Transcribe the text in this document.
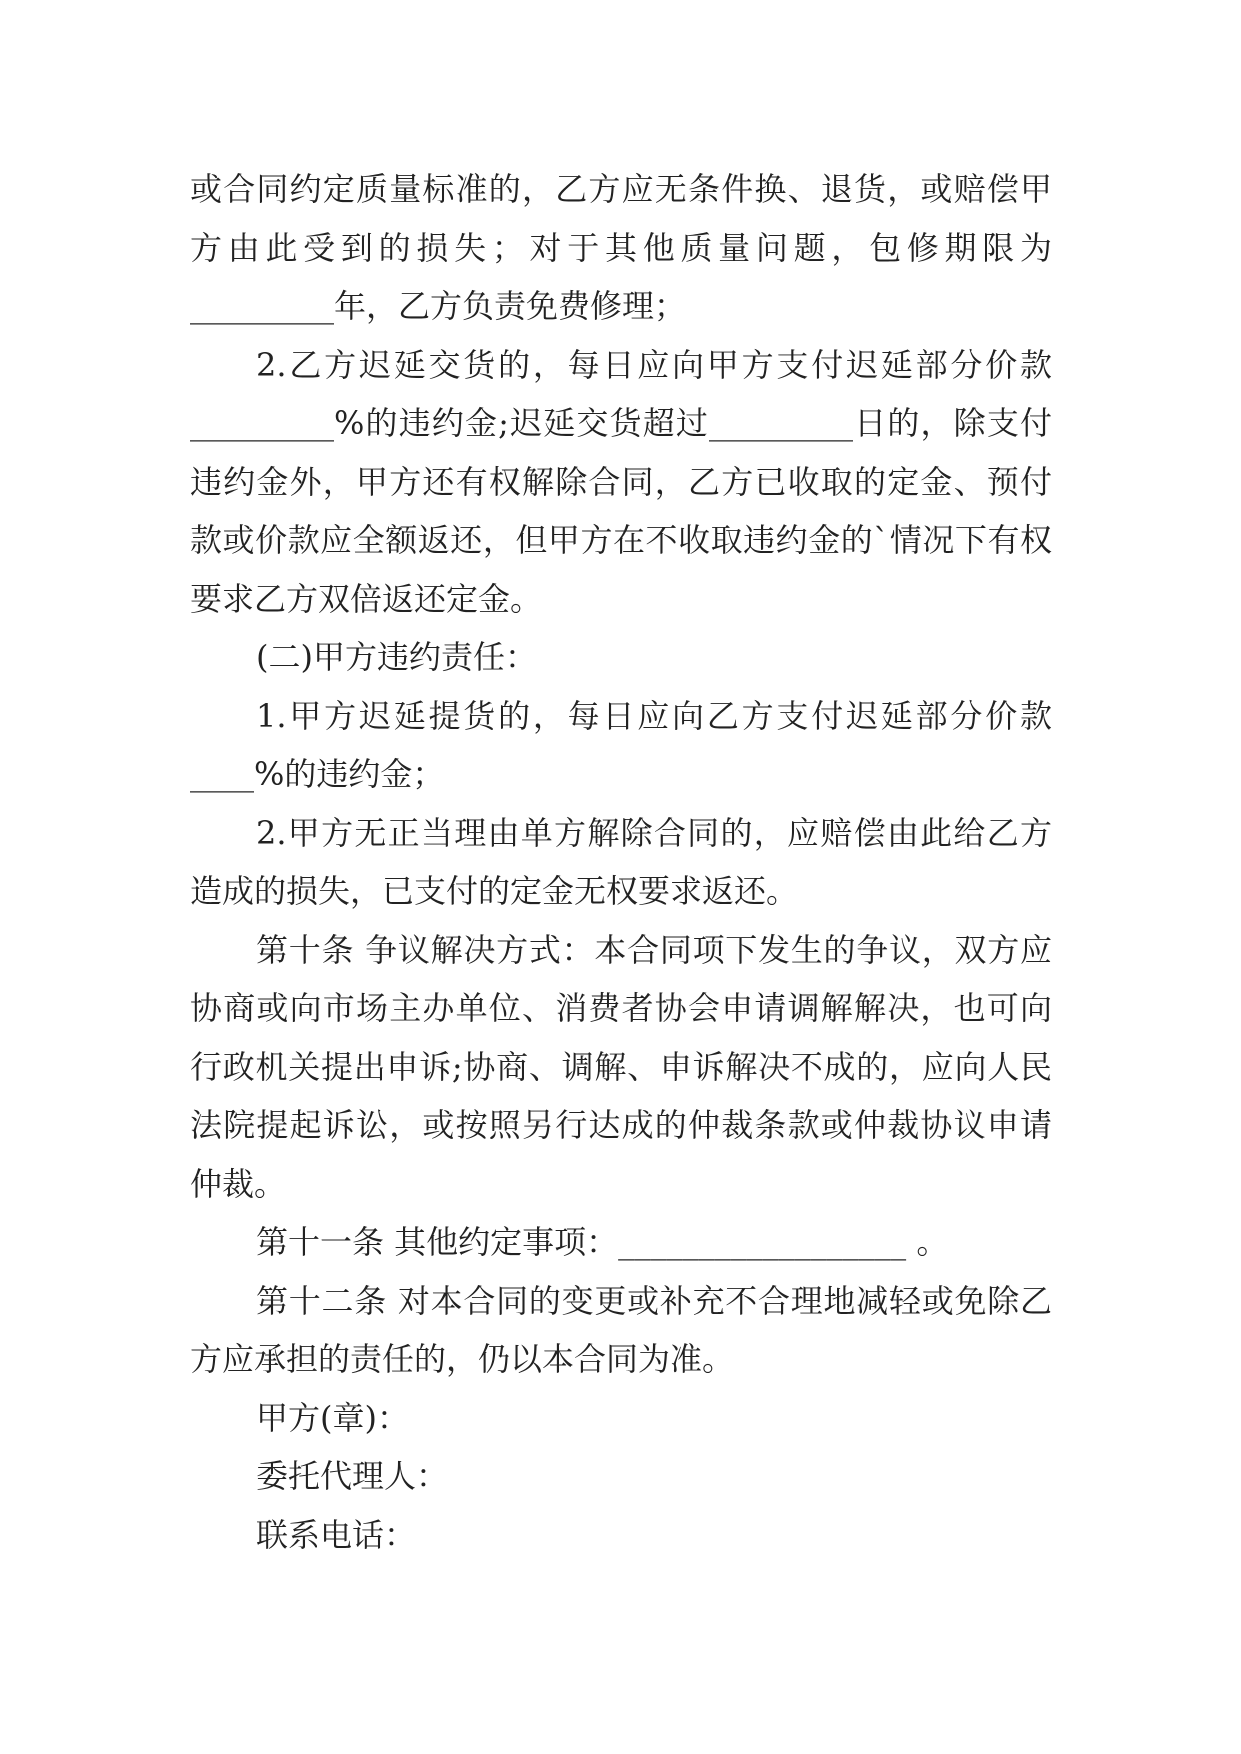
或合同约定质量标准的，乙方应无条件换、退货，或赔偿甲方由此受到的损失；对于其他质量问题，包修期限为_________年，乙方负责免费修理；

2.乙方迟延交货的，每日应向甲方支付迟延部分价款_________%的违约金;迟延交货超过_________日的，除支付违约金外，甲方还有权解除合同，乙方已收取的定金、预付款或价款应全额返还，但甲方在不收取违约金的`情况下有权要求乙方双倍返还定金。

(二)甲方违约责任：

1.甲方迟延提货的，每日应向乙方支付迟延部分价款____%的违约金；

2.甲方无正当理由单方解除合同的，应赔偿由此给乙方造成的损失，已支付的定金无权要求返还。

第十条 争议解决方式：本合同项下发生的争议，双方应协商或向市场主办单位、消费者协会申请调解解决，也可向行政机关提出申诉;协商、调解、申诉解决不成的，应向人民法院提起诉讼，或按照另行达成的仲裁条款或仲裁协议申请仲裁。

第十一条 其他约定事项：__________________ 。

第十二条 对本合同的变更或补充不合理地减轻或免除乙方应承担的责任的，仍以本合同为准。

甲方(章)：

委托代理人：

联系电话：
